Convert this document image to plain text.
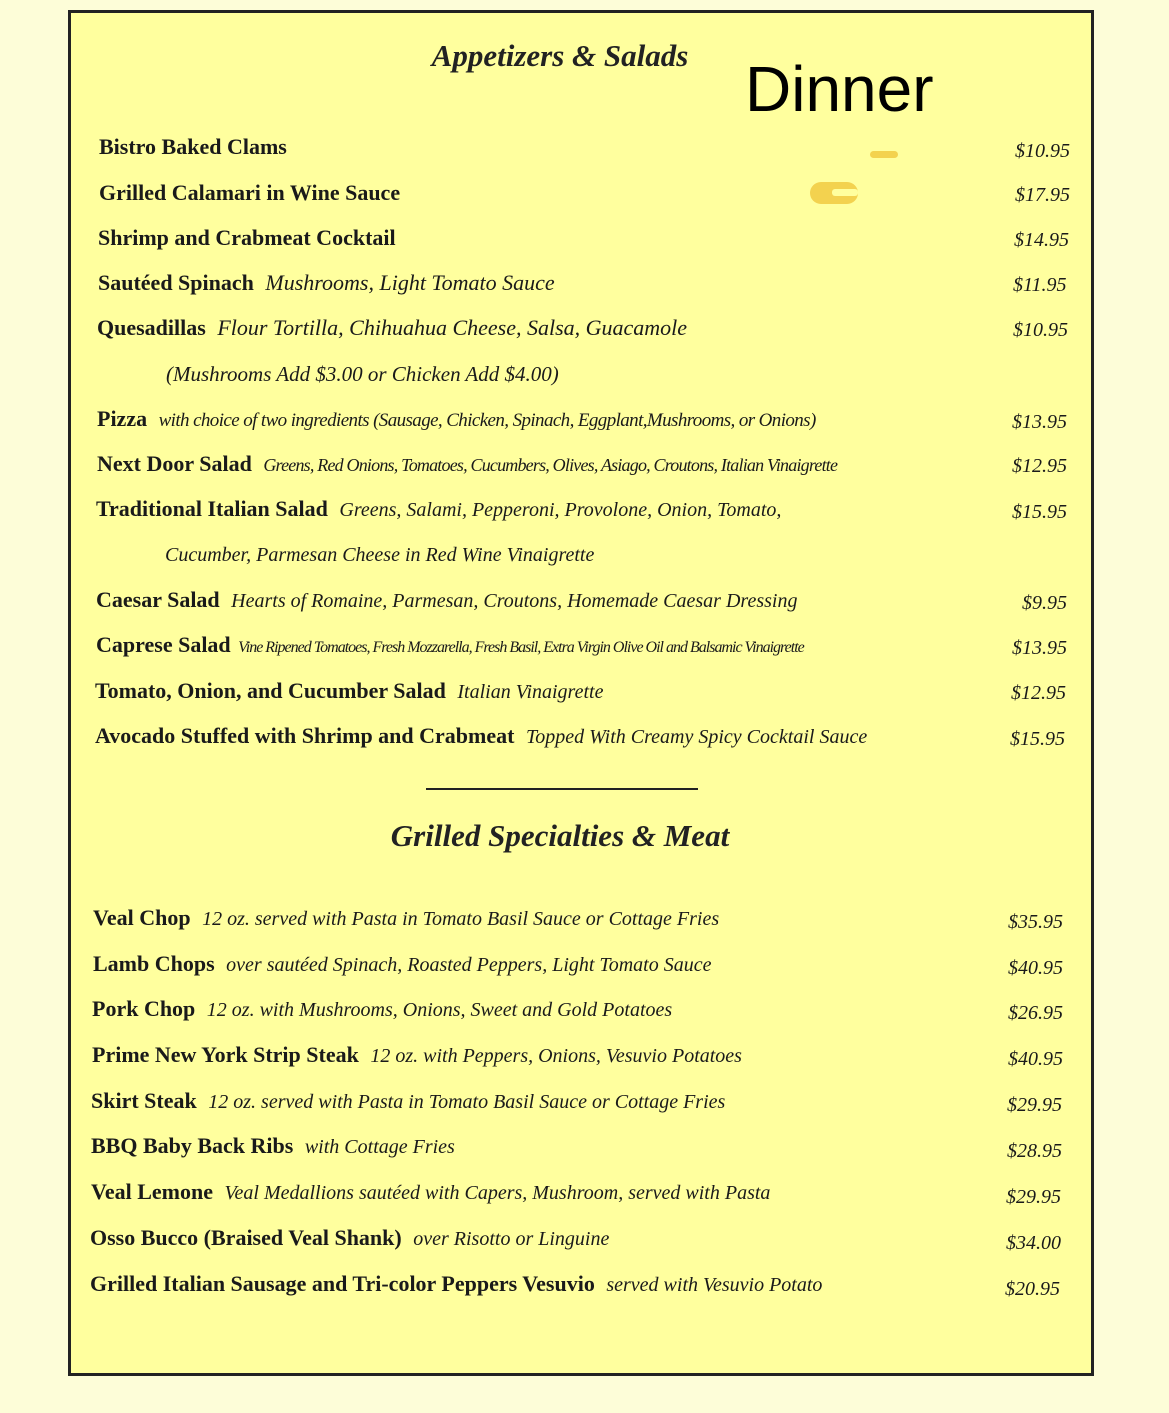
Appetizers & Salads Dinner
Bistro Baked Clams	$10.95
Grilled Calamari in Wine Sauce	$17.95
Shrimp and Crabmeat Cocktail	$14.95
Sautéed Spinach Mushrooms, Light Tomato Sauce	$11.95
Quesadillas Flour Tortilla, Chihuahua Cheese, Salsa, Guacamole	$10.95
(Mushrooms Add $3.00 or Chicken Add $4.00)
Pizza with choice of two ingredients (Sausage, Chicken, Spinach, Eggplant,Mushrooms, or Onions)	$13.95
Next Door Salad Greens, Red Onions, Tomatoes, Cucumbers, Olives, Asiago, Croutons, Italian Vinaigrette	$12.95
Traditional Italian Salad Greens, Salami, Pepperoni, Provolone, Onion, Tomato,	$15.95
Cucumber, Parmesan Cheese in Red Wine Vinaigrette
Caesar Salad Hearts of Romaine, Parmesan, Croutons, Homemade Caesar Dressing	$9.95
Caprese Salad Vine Ripened Tomatoes, Fresh Mozzarella, Fresh Basil, Extra Virgin Olive Oil and Balsamic Vinaigrette	$13.95
Tomato, Onion, and Cucumber Salad Italian Vinaigrette	$12.95
Avocado Stuffed with Shrimp and Crabmeat Topped With Creamy Spicy Cocktail Sauce	$15.95
Grilled Specialties & Meat
Veal Chop 12 oz. served with Pasta in Tomato Basil Sauce or Cottage Fries	$35.95
Lamb Chops over sautéed Spinach, Roasted Peppers, Light Tomato Sauce	$40.95
Pork Chop 12 oz. with Mushrooms, Onions, Sweet and Gold Potatoes	$26.95
Prime New York Strip Steak 12 oz. with Peppers, Onions, Vesuvio Potatoes	$40.95
Skirt Steak 12 oz. served with Pasta in Tomato Basil Sauce or Cottage Fries	$29.95
BBQ Baby Back Ribs with Cottage Fries	$28.95
Veal Lemone Veal Medallions sautéed with Capers, Mushroom, served with Pasta	$29.95
Osso Bucco (Braised Veal Shank) over Risotto or Linguine	$34.00
Grilled Italian Sausage and Tri-color Peppers Vesuvio served with Vesuvio Potato	$20.95
